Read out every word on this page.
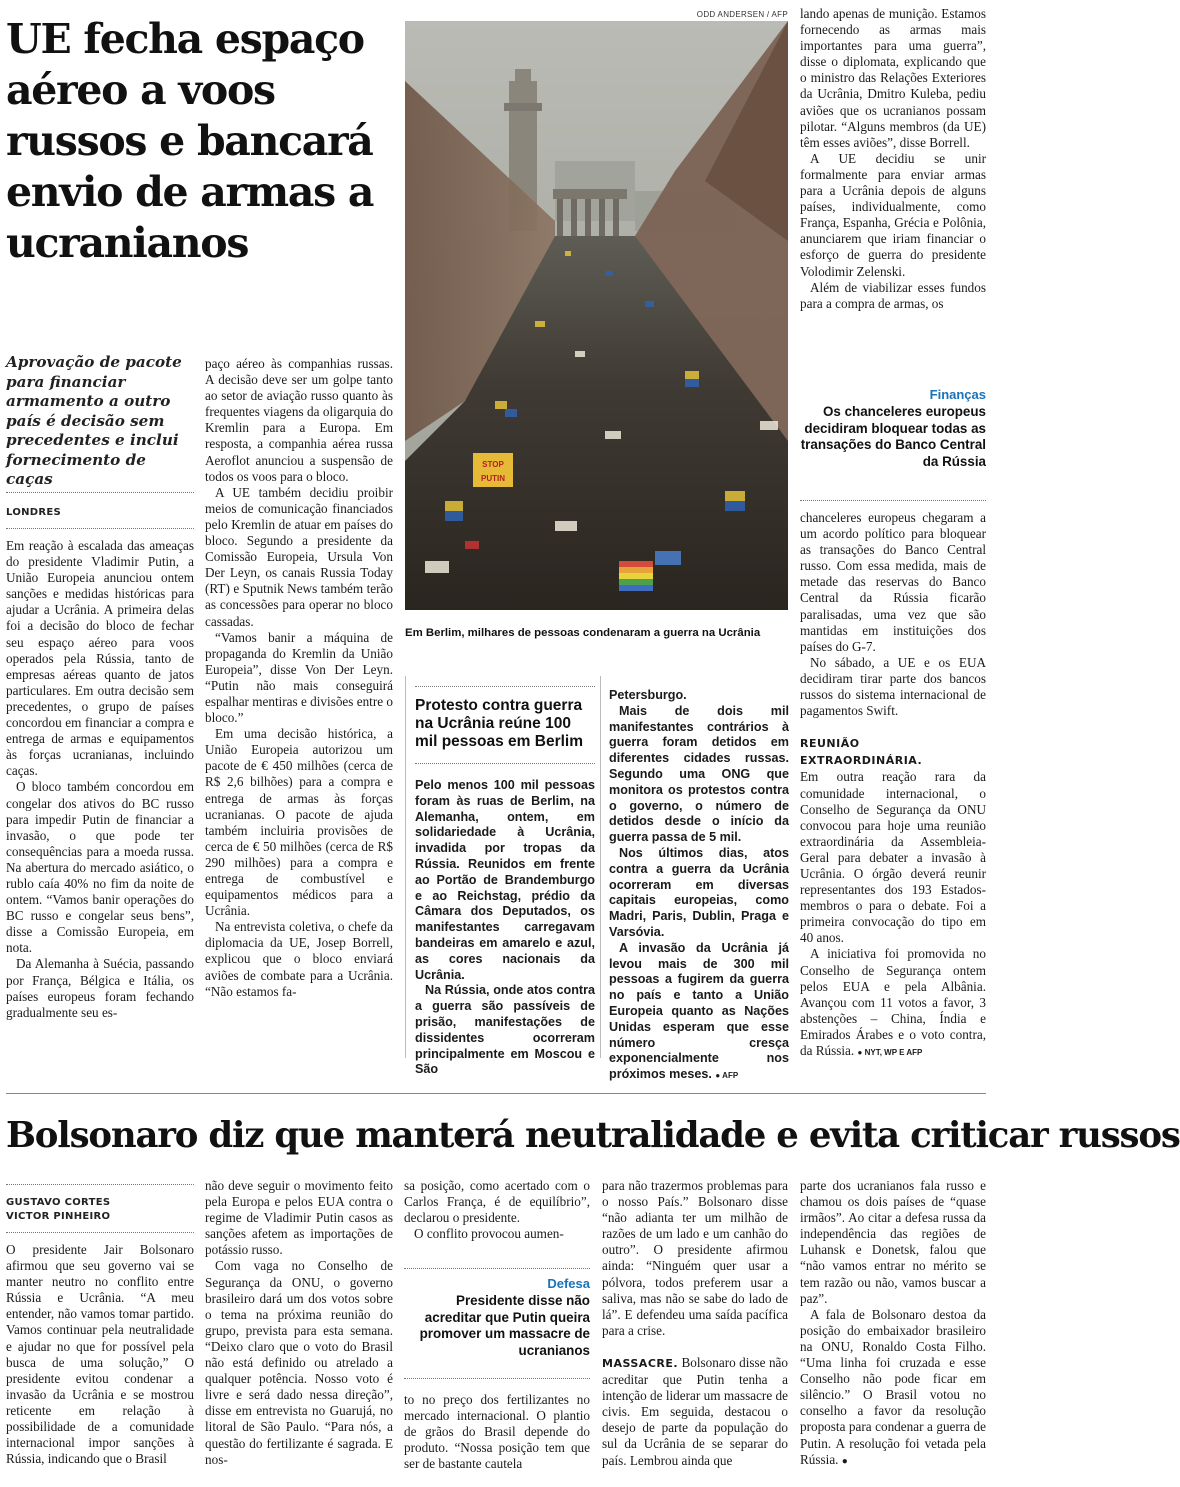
UE fecha espaço aéreo a voos russos e bancará envio de armas a ucranianos
Aprovação de pacote para financiar armamento a outro país é decisão sem precedentes e inclui fornecimento de caças
LONDRES

Em reação à escalada das ameaças do presidente Vladimir Putin, a União Europeia anunciou ontem sanções e medidas históricas para ajudar a Ucrânia. A primeira delas foi a decisão do bloco de fechar seu espaço aéreo para voos operados pela Rússia, tanto de empresas aéreas quanto de jatos particulares. Em outra decisão sem precedentes, o grupo de países concordou em financiar a compra e entrega de armas e equipamentos às forças ucranianas, incluindo caças.

O bloco também concordou em congelar dos ativos do BC russo para impedir Putin de financiar a invasão, o que pode ter consequências para a moeda russa. Na abertura do mercado asiático, o rublo caía 40% no fim da noite de ontem. “Vamos banir operações do BC russo e congelar seus bens”, disse a Comissão Europeia, em nota.

Da Alemanha à Suécia, passando por França, Bélgica e Itália, os países europeus foram fechando gradualmente seu es-

paço aéreo às companhias russas. A decisão deve ser um golpe tanto ao setor de aviação russo quanto às frequentes viagens da oligarquia do Kremlin para a Europa. Em resposta, a companhia aérea russa Aeroflot anunciou a suspensão de todos os voos para o bloco.

A UE também decidiu proibir meios de comunicação financiados pelo Kremlin de atuar em países do bloco. Segundo a presidente da Comissão Europeia, Ursula Von Der Leyn, os canais Russia Today (RT) e Sputnik News também terão as concessões para operar no bloco cassadas.

“Vamos banir a máquina de propaganda do Kremlin da União Europeia”, disse Von Der Leyn. “Putin não mais conseguirá espalhar mentiras e divisões entre o bloco.”

Em uma decisão histórica, a União Europeia autorizou um pacote de € 450 milhões (cerca de R$ 2,6 bilhões) para a compra e entrega de armas às forças ucranianas. O pacote de ajuda também incluiria provisões de cerca de € 50 milhões (cerca de R$ 290 milhões) para a compra e entrega de combustível e equipamentos médicos para a Ucrânia.

Na entrevista coletiva, o chefe da diplomacia da UE, Josep Borrell, explicou que o bloco enviará aviões de combate para a Ucrânia. “Não estamos fa-

ODD ANDERSEN / AFP
STOP
PUTIN
Em Berlim, milhares de pessoas condenaram a guerra na Ucrânia

lando apenas de munição. Estamos fornecendo as armas mais importantes para uma guerra”, disse o diplomata, explicando que o ministro das Relações Exteriores da Ucrânia, Dmitro Kuleba, pediu aviões que os ucranianos possam pilotar. “Alguns membros (da UE) têm esses aviões”, disse Borrell.

A UE decidiu se unir formalmente para enviar armas para a Ucrânia depois de alguns países, individualmente, como França, Espanha, Grécia e Polônia, anunciarem que iriam financiar o esforço de guerra do presidente Volodimir Zelenski.

Além de viabilizar esses fundos para a compra de armas, os

Finanças
Os chanceleres europeus decidiram bloquear todas as transações do Banco Central da Rússia

chanceleres europeus chegaram a um acordo político para bloquear as transações do Banco Central russo. Com essa medida, mais de metade das reservas do Banco Central da Rússia ficarão paralisadas, uma vez que são mantidas em instituições dos países do G-7.

No sábado, a UE e os EUA decidiram tirar parte dos bancos russos do sistema internacional de pagamentos Swift.

REUNIÃO EXTRAORDINÁRIA.

Em outra reação rara da comunidade internacional, o Conselho de Segurança da ONU convocou para hoje uma reunião extraordinária da Assembleia-Geral para debater a invasão à Ucrânia. O órgão deverá reunir representantes dos 193 Estados-membros o para o debate. Foi a primeira convocação do tipo em 40 anos.

A iniciativa foi promovida no Conselho de Segurança ontem pelos EUA e pela Albânia. Avançou com 11 votos a favor, 3 abstenções – China, Índia e Emirados Árabes e o voto contra, da Rússia. ● NYT, WP E AFP

Protesto contra guerra na Ucrânia reúne 100 mil pessoas em Berlim

Pelo menos 100 mil pessoas foram às ruas de Berlim, na Alemanha, ontem, em solidariedade à Ucrânia, invadida por tropas da Rússia. Reunidos em frente ao Portão de Brandemburgo e ao Reichstag, prédio da Câmara dos Deputados, os manifestantes carregavam bandeiras em amarelo e azul, as cores nacionais da Ucrânia.

Na Rússia, onde atos contra a guerra são passíveis de prisão, manifestações de dissidentes ocorreram principalmente em Moscou e São

Petersburgo.

Mais de dois mil manifestantes contrários à guerra foram detidos em diferentes cidades russas. Segundo uma ONG que monitora os protestos contra o governo, o número de detidos desde o início da guerra passa de 5 mil.

Nos últimos dias, atos contra a guerra da Ucrânia ocorreram em diversas capitais europeias, como Madri, Paris, Dublin, Praga e Varsóvia.

A invasão da Ucrânia já levou mais de 300 mil pessoas a fugirem da guerra no país e tanto a União Europeia quanto as Nações Unidas esperam que esse número cresça exponencialmente nos próximos meses. ● AFP

Bolsonaro diz que manterá neutralidade e evita criticar russos
GUSTAVO CORTES
VICTOR PINHEIRO

O presidente Jair Bolsonaro afirmou que seu governo vai se manter neutro no conflito entre Rússia e Ucrânia. “A meu entender, não vamos tomar partido. Vamos continuar pela neutralidade e ajudar no que for possível pela busca de uma solução,” O presidente evitou condenar a invasão da Ucrânia e se mostrou reticente em relação à possibilidade de a comunidade internacional impor sanções à Rússia, indicando que o Brasil

não deve seguir o movimento feito pela Europa e pelos EUA contra o regime de Vladimir Putin casos as sanções afetem as importações de potássio russo.

Com vaga no Conselho de Segurança da ONU, o governo brasileiro dará um dos votos sobre o tema na próxima reunião do grupo, prevista para esta semana. “Deixo claro que o voto do Brasil não está definido ou atrelado a qualquer potência. Nosso voto é livre e será dado nessa direção”, disse em entrevista no Guarujá, no litoral de São Paulo. “Para nós, a questão do fertilizante é sagrada. E nos-

sa posição, como acertado com o Carlos França, é de equilíbrio”, declarou o presidente.

O conflito provocou aumen-

Defesa
Presidente disse não acreditar que Putin queira promover um massacre de ucranianos

to no preço dos fertilizantes no mercado internacional. O plantio de grãos do Brasil depende do produto. “Nossa posição tem que ser de bastante cautela

para não trazermos problemas para o nosso País.” Bolsonaro disse “não adianta ter um milhão de razões de um lado e um canhão do outro”. O presidente afirmou ainda: “Ninguém quer usar a pólvora, todos preferem usar a saliva, mas não se sabe do lado de lá”. E defendeu uma saída pacífica para a crise.

MASSACRE. Bolsonaro disse não acreditar que Putin tenha a intenção de liderar um massacre de civis. Em seguida, destacou o desejo de parte da população do sul da Ucrânia de se separar do país. Lembrou ainda que

parte dos ucranianos fala russo e chamou os dois países de “quase irmãos”. Ao citar a defesa russa da independência das regiões de Luhansk e Donetsk, falou que “não vamos entrar no mérito se tem razão ou não, vamos buscar a paz”.

A fala de Bolsonaro destoa da posição do embaixador brasileiro na ONU, Ronaldo Costa Filho. “Uma linha foi cruzada e esse Conselho não pode ficar em silêncio.” O Brasil votou no conselho a favor da resolução proposta para condenar a guerra de Putin. A resolução foi vetada pela Rússia. ●
